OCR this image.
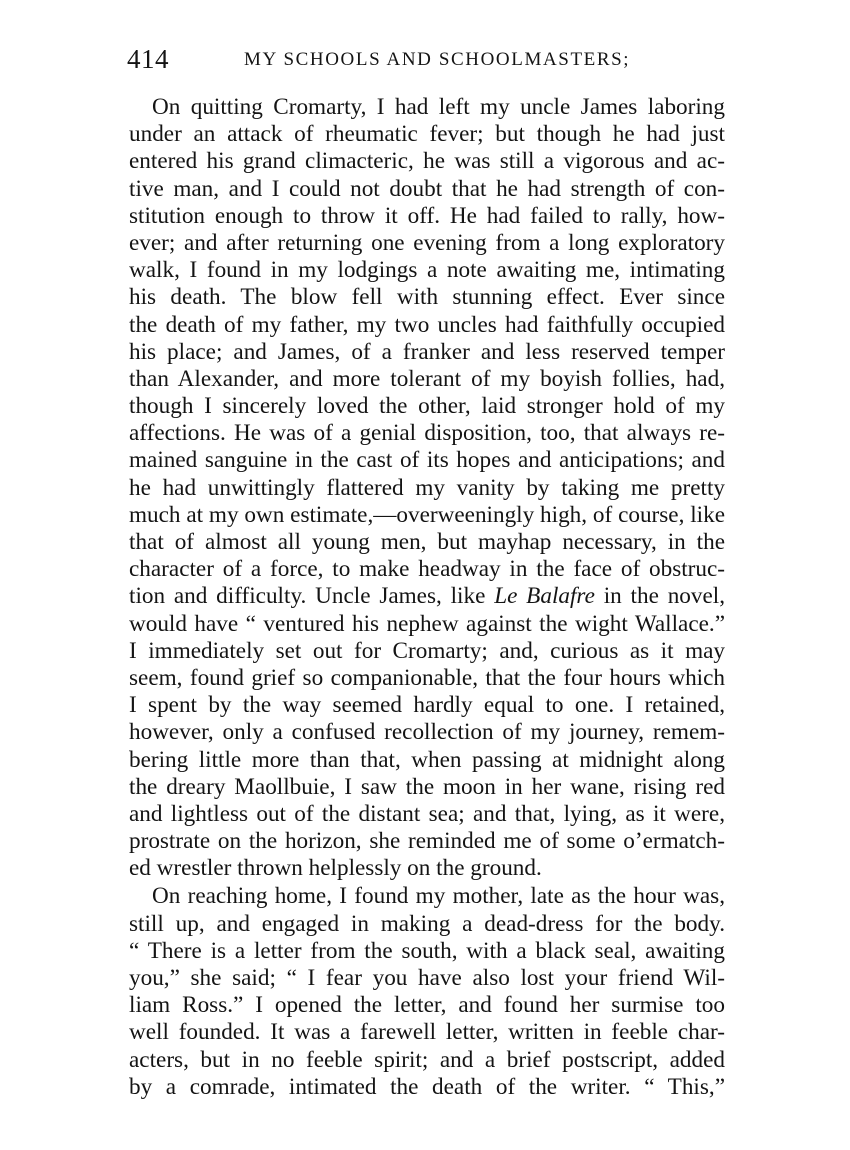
414	MY SCHOOLS AND SCHOOLMASTERS;
On quitting Cromarty, I had left my uncle James laboring
under an attack of rheumatic fever; but though he had just
entered his grand climacteric, he was still a vigorous and ac-
tive man, and I could not doubt that he had strength of con-
stitution enough to throw it off. He had failed to rally, how-
ever; and after returning one evening from a long exploratory
walk, I found in my lodgings a note awaiting me, intimating
his death. The blow fell with stunning effect. Ever since
the death of my father, my two uncles had faithfully occupied
his place; and James, of a franker and less reserved temper
than Alexander, and more tolerant of my boyish follies, had,
though I sincerely loved the other, laid stronger hold of my
affections. He was of a genial disposition, too, that always re-
mained sanguine in the cast of its hopes and anticipations; and
he had unwittingly flattered my vanity by taking me pretty
much at my own estimate,—overweeningly high, of course, like
that of almost all young men, but mayhap necessary, in the
character of a force, to make headway in the face of obstruc-
tion and difficulty. Uncle James, like Le Balafre in the novel,
would have “ ventured his nephew against the wight Wallace.”
I immediately set out for Cromarty; and, curious as it may
seem, found grief so companionable, that the four hours which
I spent by the way seemed hardly equal to one. I retained,
however, only a confused recollection of my journey, remem-
bering little more than that, when passing at midnight along
the dreary Maollbuie, I saw the moon in her wane, rising red
and lightless out of the distant sea; and that, lying, as it were,
prostrate on the horizon, she reminded me of some o’ermatch-
ed wrestler thrown helplessly on the ground.
On reaching home, I found my mother, late as the hour was,
still up, and engaged in making a dead-dress for the body.
“ There is a letter from the south, with a black seal, awaiting
you,” she said; “ I fear you have also lost your friend Wil-
liam Ross.” I opened the letter, and found her surmise too
well founded. It was a farewell letter, written in feeble char-
acters, but in no feeble spirit; and a brief postscript, added
by a comrade, intimated the death of the writer. “ This,”
